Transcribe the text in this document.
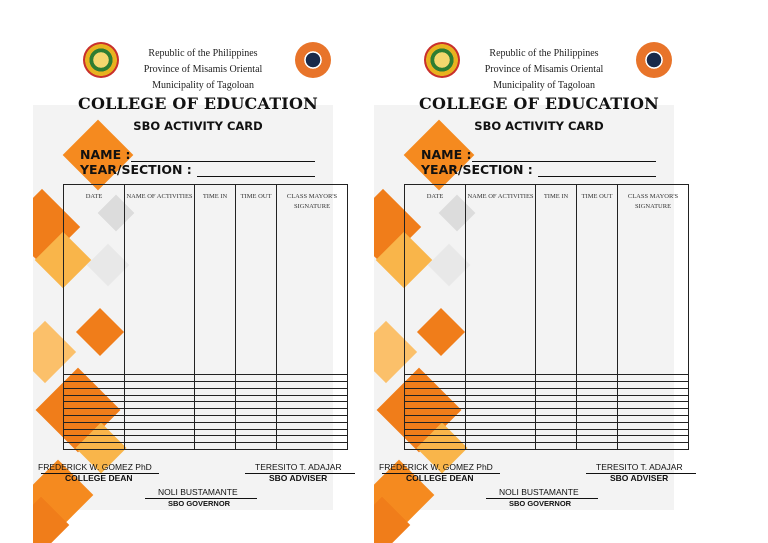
Republic of the Philippines
Province of Misamis Oriental
Municipality of Tagoloan
COLLEGE OF EDUCATION
SBO ACTIVITY CARD
NAME :
YEAR/SECTION :
DATE	NAME OF ACTIVITIES	TIME IN	TIME OUT	CLASS MAYOR'S SIGNATURE

FREDERICK W. GOMEZ PhD
COLLEGE DEAN
TERESITO T. ADAJAR
SBO ADVISER
NOLI BUSTAMANTE
SBO GOVERNOR
Republic of the Philippines
Province of Misamis Oriental
Municipality of Tagoloan
COLLEGE OF EDUCATION
SBO ACTIVITY CARD
NAME :
YEAR/SECTION :
DATE	NAME OF ACTIVITIES	TIME IN	TIME OUT	CLASS MAYOR'S SIGNATURE

FREDERICK W. GOMEZ PhD
COLLEGE DEAN
TERESITO T. ADAJAR
SBO ADVISER
NOLI BUSTAMANTE
SBO GOVERNOR
